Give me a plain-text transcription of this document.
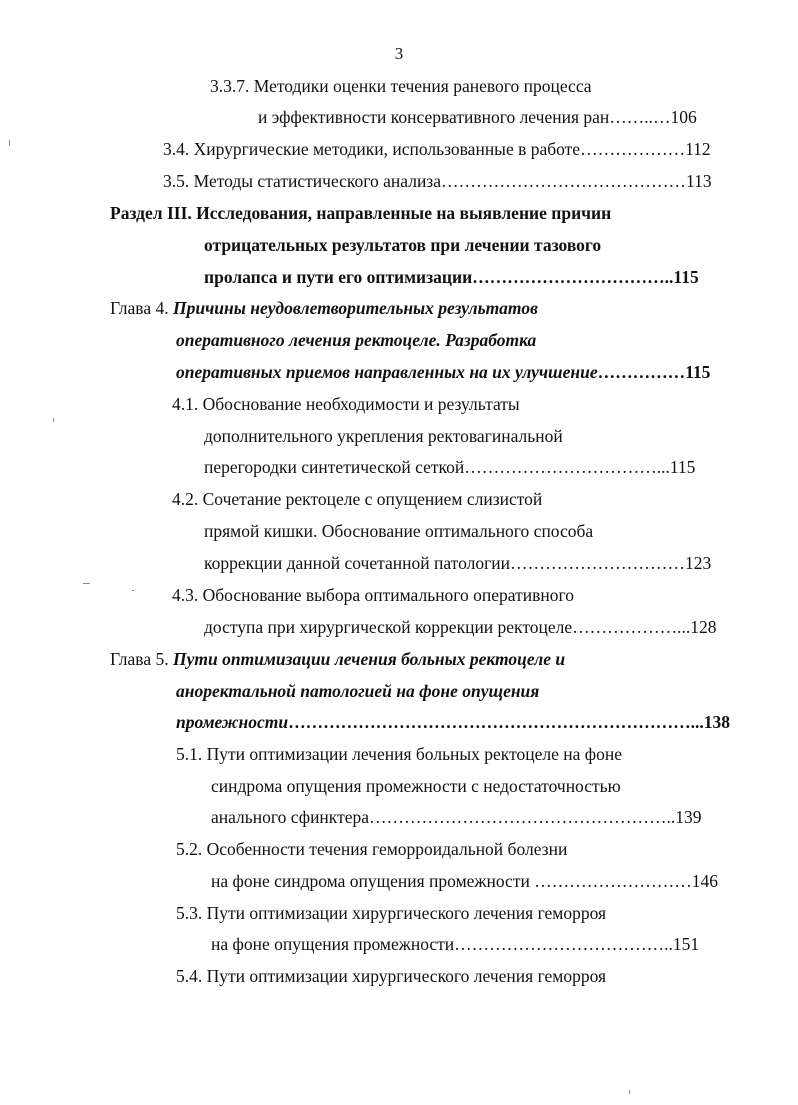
3
3.3.7. Методики оценки течения раневого процесса
и эффективности консервативного лечения ран……..…106
3.4. Хирургические методики, использованные в работе………………112
3.5. Методы статистического анализа……………………………………113
Раздел III. Исследования, направленные на выявление причин
отрицательных результатов при лечении тазового
пролапса и пути его оптимизации……………………………..115
Глава 4. Причины неудовлетворительных результатов
оперативного лечения ректоцеле. Разработка
оперативных приемов направленных на их улучшение……………115
4.1. Обоснование необходимости и результаты
дополнительного укрепления ректовагинальной
перегородки синтетической сеткой……………………………...115
4.2. Сочетание ректоцеле с опущением слизистой
прямой кишки. Обоснование оптимального способа
коррекции данной сочетанной патологии…………………………123
4.3. Обоснование выбора оптимального оперативного
доступа при хирургической коррекции ректоцеле………………...128
Глава 5. Пути оптимизации лечения больных ректоцеле и
аноректальной патологией на фоне опущения
промежности……………………………………………………………...138
5.1. Пути оптимизации лечения больных ректоцеле на фоне
синдрома опущения промежности с недостаточностью
анального сфинктера……………………………………………..139
5.2. Особенности течения геморроидальной болезни
на фоне синдрома опущения промежности ………………………146
5.3. Пути оптимизации хирургического лечения геморроя
на фоне опущения промежности………………………………..151
5.4. Пути оптимизации хирургического лечения геморроя
